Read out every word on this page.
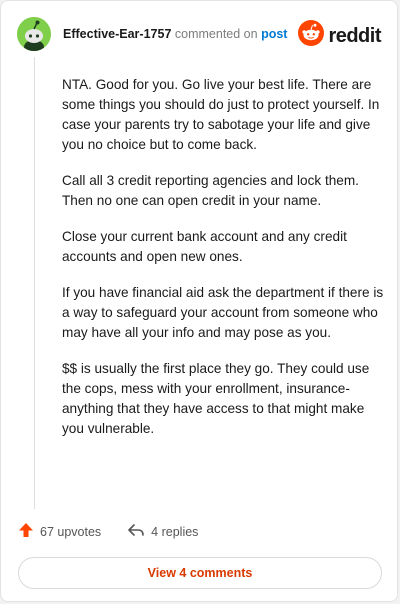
Effective-Ear-1757 commented on post reddit

NTA. Good for you. Go live your best life. There are some things you should do just to protect yourself. In case your parents try to sabotage your life and give you no choice but to come back.

Call all 3 credit reporting agencies and lock them. Then no one can open credit in your name.

Close your current bank account and any credit accounts and open new ones.

If you have financial aid ask the department if there is a way to safeguard your account from someone who may have all your info and may pose as you.

$$ is usually the first place they go. They could use the cops, mess with your enrollment, insurance-anything that they have access to that might make you vulnerable.

67 upvotes	4 replies
View 4 comments
